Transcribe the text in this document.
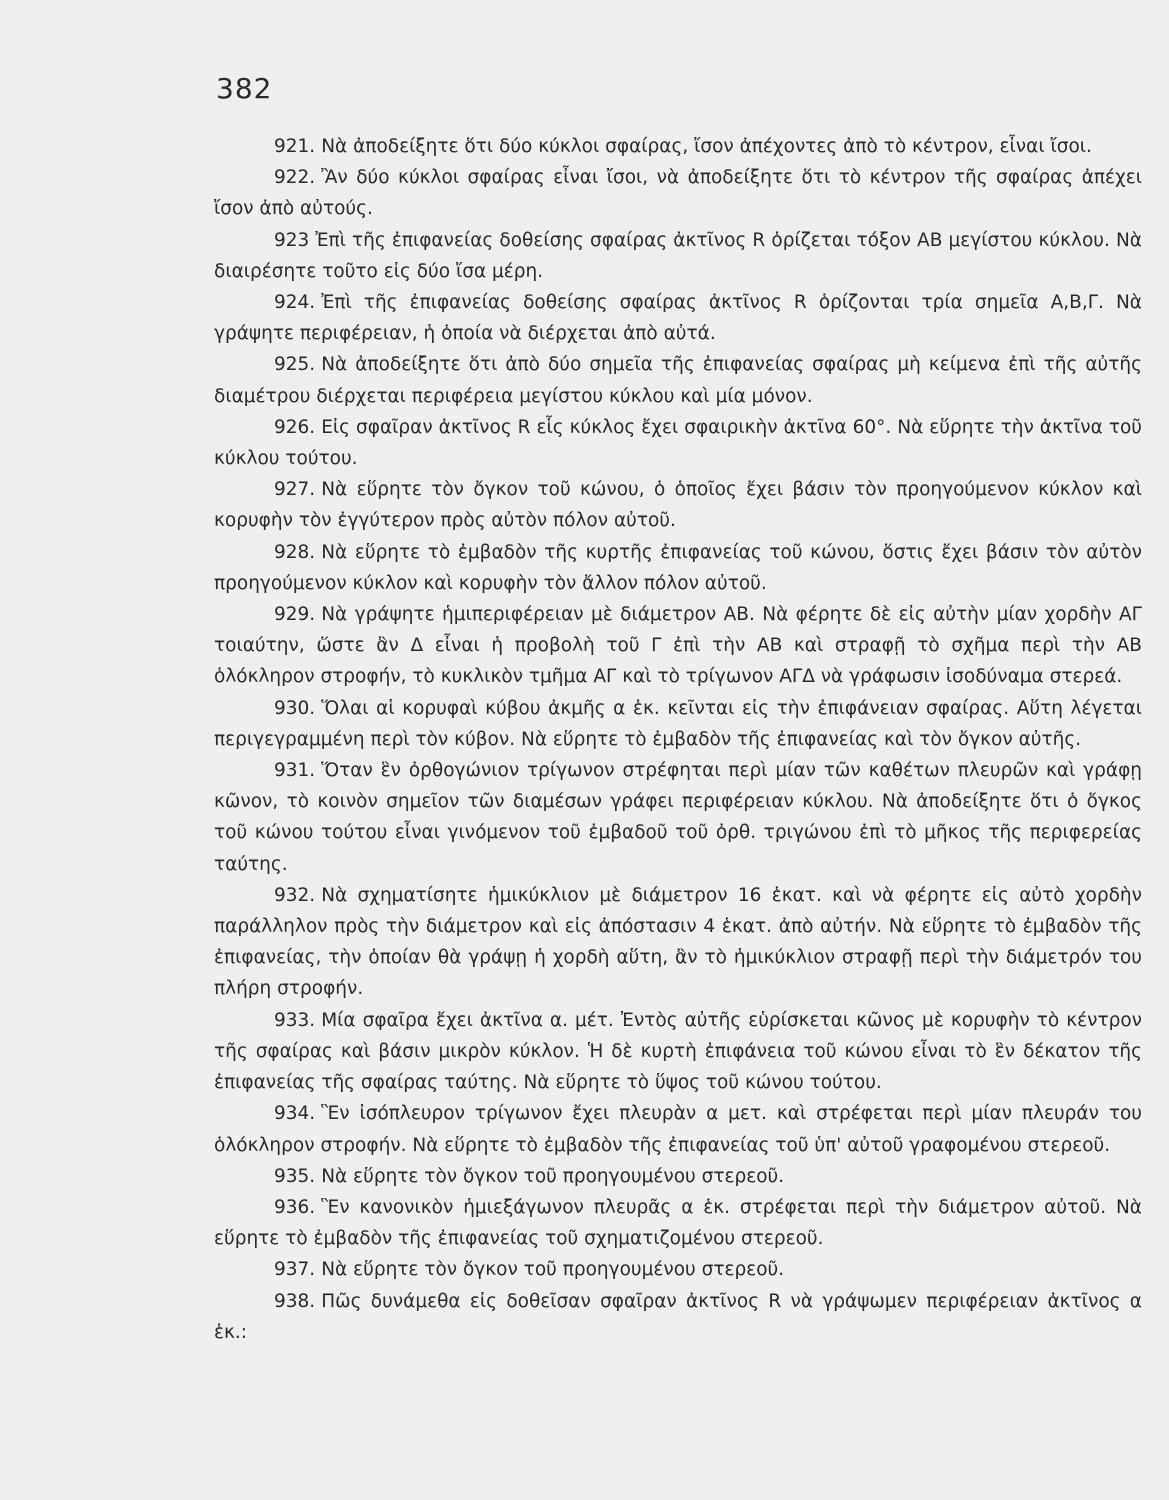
382

921. Νὰ ἀποδείξητε ὅτι δύο κύκλοι σφαίρας, ἴσον ἀπέχοντες ἀπὸ τὸ κέντρον, εἶναι ἴσοι.

922. Ἂν δύο κύκλοι σφαίρας εἶναι ἴσοι, νὰ ἀποδείξητε ὅτι τὸ κέντρον τῆς σφαίρας ἀπέχει ἴσον ἀπὸ αὐτούς.

923 Ἐπὶ τῆς ἐπιφανείας δοθείσης σφαίρας ἀκτῖνος R ὁρίζεται τόξον ΑΒ μεγίστου κύκλου. Νὰ διαιρέσητε τοῦτο εἰς δύο ἴσα μέρη.

924. Ἐπὶ τῆς ἐπιφανείας δοθείσης σφαίρας ἀκτῖνος R ὁρίζονται τρία σημεῖα Α,Β,Γ. Νὰ γράψητε περιφέρειαν, ἡ ὁποία νὰ διέρχεται ἀπὸ αὐτά.

925. Νὰ ἀποδείξητε ὅτι ἀπὸ δύο σημεῖα τῆς ἐπιφανείας σφαίρας μὴ κείμενα ἐπὶ τῆς αὐτῆς διαμέτρου διέρχεται περιφέρεια μεγίστου κύκλου καὶ μία μόνον.

926. Εἰς σφαῖραν ἀκτῖνος R εἷς κύκλος ἔχει σφαιρικὴν ἀκτῖνα 60°. Νὰ εὕρητε τὴν ἀκτῖνα τοῦ κύκλου τούτου.

927. Νὰ εὕρητε τὸν ὄγκον τοῦ κώνου, ὁ ὁποῖος ἔχει βάσιν τὸν προηγούμενον κύκλον καὶ κορυφὴν τὸν ἐγγύτερον πρὸς αὐτὸν πόλον αὐτοῦ.

928. Νὰ εὕρητε τὸ ἐμβαδὸν τῆς κυρτῆς ἐπιφανείας τοῦ κώνου, ὅστις ἔχει βάσιν τὸν αὐτὸν προηγούμενον κύκλον καὶ κορυφὴν τὸν ἄλλον πόλον αὐτοῦ.

929. Νὰ γράψητε ἡμιπεριφέρειαν μὲ διάμετρον ΑΒ. Νὰ φέρητε δὲ εἰς αὐτὴν μίαν χορδὴν ΑΓ τοιαύτην, ὥστε ἂν Δ εἶναι ἡ προβολὴ τοῦ Γ ἐπὶ τὴν ΑΒ καὶ στραφῇ τὸ σχῆμα περὶ τὴν ΑΒ ὁλόκληρον στροφήν, τὸ κυκλικὸν τμῆμα ΑΓ καὶ τὸ τρίγωνον ΑΓΔ νὰ γράφωσιν ἰσοδύναμα στερεά.

930. Ὅλαι αἱ κορυφαὶ κύβου ἀκμῆς α ἑκ. κεῖνται εἰς τὴν ἐπιφάνειαν σφαίρας. Αὕτη λέγεται περιγεγραμμένη περὶ τὸν κύβον. Νὰ εὕρητε τὸ ἐμβαδὸν τῆς ἐπιφανείας καὶ τὸν ὄγκον αὐτῆς.

931. Ὅταν ἓν ὀρθογώνιον τρίγωνον στρέφηται περὶ μίαν τῶν καθέτων πλευρῶν καὶ γράφῃ κῶνον, τὸ κοινὸν σημεῖον τῶν διαμέσων γράφει περιφέρειαν κύκλου. Νὰ ἀποδείξητε ὅτι ὁ ὄγκος τοῦ κώνου τούτου εἶναι γινόμενον τοῦ ἐμβαδοῦ τοῦ ὀρθ. τριγώνου ἐπὶ τὸ μῆκος τῆς περιφερείας ταύτης.

932. Νὰ σχηματίσητε ἡμικύκλιον μὲ διάμετρον 16 ἑκατ. καὶ νὰ φέρητε εἰς αὐτὸ χορδὴν παράλληλον πρὸς τὴν διάμετρον καὶ εἰς ἀπόστασιν 4 ἑκατ. ἀπὸ αὐτήν. Νὰ εὕρητε τὸ ἐμβαδὸν τῆς ἐπιφανείας, τὴν ὁποίαν θὰ γράψῃ ἡ χορδὴ αὕτη, ἂν τὸ ἡμικύκλιον στραφῇ περὶ τὴν διάμετρόν του πλήρη στροφήν.

933. Μία σφαῖρα ἔχει ἀκτῖνα α. μέτ. Ἐντὸς αὐτῆς εὑρίσκεται κῶνος μὲ κορυφὴν τὸ κέντρον τῆς σφαίρας καὶ βάσιν μικρὸν κύκλον. Ἡ δὲ κυρτὴ ἐπιφάνεια τοῦ κώνου εἶναι τὸ ἓν δέκατον τῆς ἐπιφανείας τῆς σφαίρας ταύτης. Νὰ εὕρητε τὸ ὕψος τοῦ κώνου τούτου.

934. Ἓν ἰσόπλευρον τρίγωνον ἔχει πλευρὰν α μετ. καὶ στρέφεται περὶ μίαν πλευράν του ὁλόκληρον στροφήν. Νὰ εὕρητε τὸ ἐμβαδὸν τῆς ἐπιφανείας τοῦ ὑπ' αὐτοῦ γραφομένου στερεοῦ.

935. Νὰ εὕρητε τὸν ὄγκον τοῦ προηγουμένου στερεοῦ.

936. Ἓν κανονικὸν ἡμιεξάγωνον πλευρᾶς α ἑκ. στρέφεται περὶ τὴν διάμετρον αὐτοῦ. Νὰ εὕρητε τὸ ἐμβαδὸν τῆς ἐπιφανείας τοῦ σχηματιζομένου στερεοῦ.

937. Νὰ εὕρητε τὸν ὄγκον τοῦ προηγουμένου στερεοῦ.

938. Πῶς δυνάμεθα εἰς δοθεῖσαν σφαῖραν ἀκτῖνος R νὰ γράψωμεν περιφέρειαν ἀκτῖνος α ἑκ.:
